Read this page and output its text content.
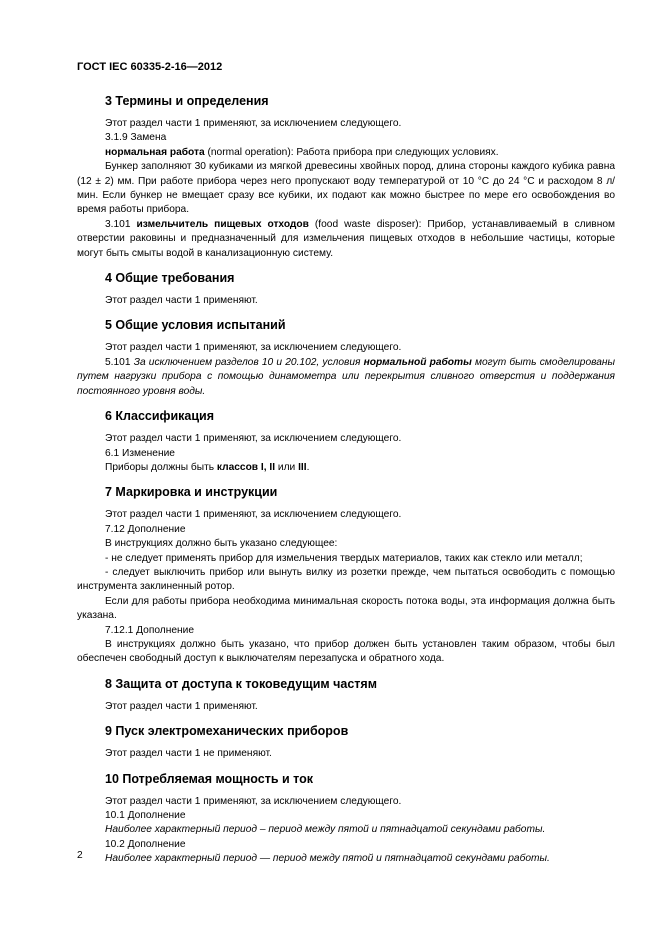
ГОСТ IEC 60335-2-16—2012
3 Термины и определения

Этот раздел части 1 применяют, за исключением следующего.

3.1.9 Замена

нормальная работа (normal operation): Работа прибора при следующих условиях.

Бункер заполняют 30 кубиками из мягкой древесины хвойных пород, длина стороны каждого кубика равна (12 ± 2) мм. При работе прибора через него пропускают воду температурой от 10 °С до 24 °С и расходом 8 л/мин. Если бункер не вмещает сразу все кубики, их подают как можно быстрее по мере его освобождения во время работы прибора.

3.101 измельчитель пищевых отходов (food waste disposer): Прибор, устанавливаемый в сливном отверстии раковины и предназначенный для измельчения пищевых отходов в небольшие частицы, которые могут быть смыты водой в канализационную систему.

4 Общие требования

Этот раздел части 1 применяют.

5 Общие условия испытаний

Этот раздел части 1 применяют, за исключением следующего.

5.101 За исключением разделов 10 и 20.102, условия нормальной работы могут быть смоделированы путем нагрузки прибора с помощью динамометра или перекрытия сливного отверстия и поддержания постоянного уровня воды.

6 Классификация

Этот раздел части 1 применяют, за исключением следующего.

6.1 Изменение

Приборы должны быть классов I, II или III.

7 Маркировка и инструкции

Этот раздел части 1 применяют, за исключением следующего.

7.12 Дополнение

В инструкциях должно быть указано следующее:

- не следует применять прибор для измельчения твердых материалов, таких как стекло или металл;

- следует выключить прибор или вынуть вилку из розетки прежде, чем пытаться освободить с помощью инструмента заклиненный ротор.

Если для работы прибора необходима минимальная скорость потока воды, эта информация должна быть указана.

7.12.1 Дополнение

В инструкциях должно быть указано, что прибор должен быть установлен таким образом, чтобы был обеспечен свободный доступ к выключателям перезапуска и обратного хода.

8 Защита от доступа к токоведущим частям

Этот раздел части 1 применяют.

9 Пуск электромеханических приборов

Этот раздел части 1 не применяют.

10 Потребляемая мощность и ток

Этот раздел части 1 применяют, за исключением следующего.

10.1 Дополнение

Наиболее характерный период – период между пятой и пятнадцатой секундами работы.

10.2 Дополнение

Наиболее характерный период — период между пятой и пятнадцатой секундами работы.

2
